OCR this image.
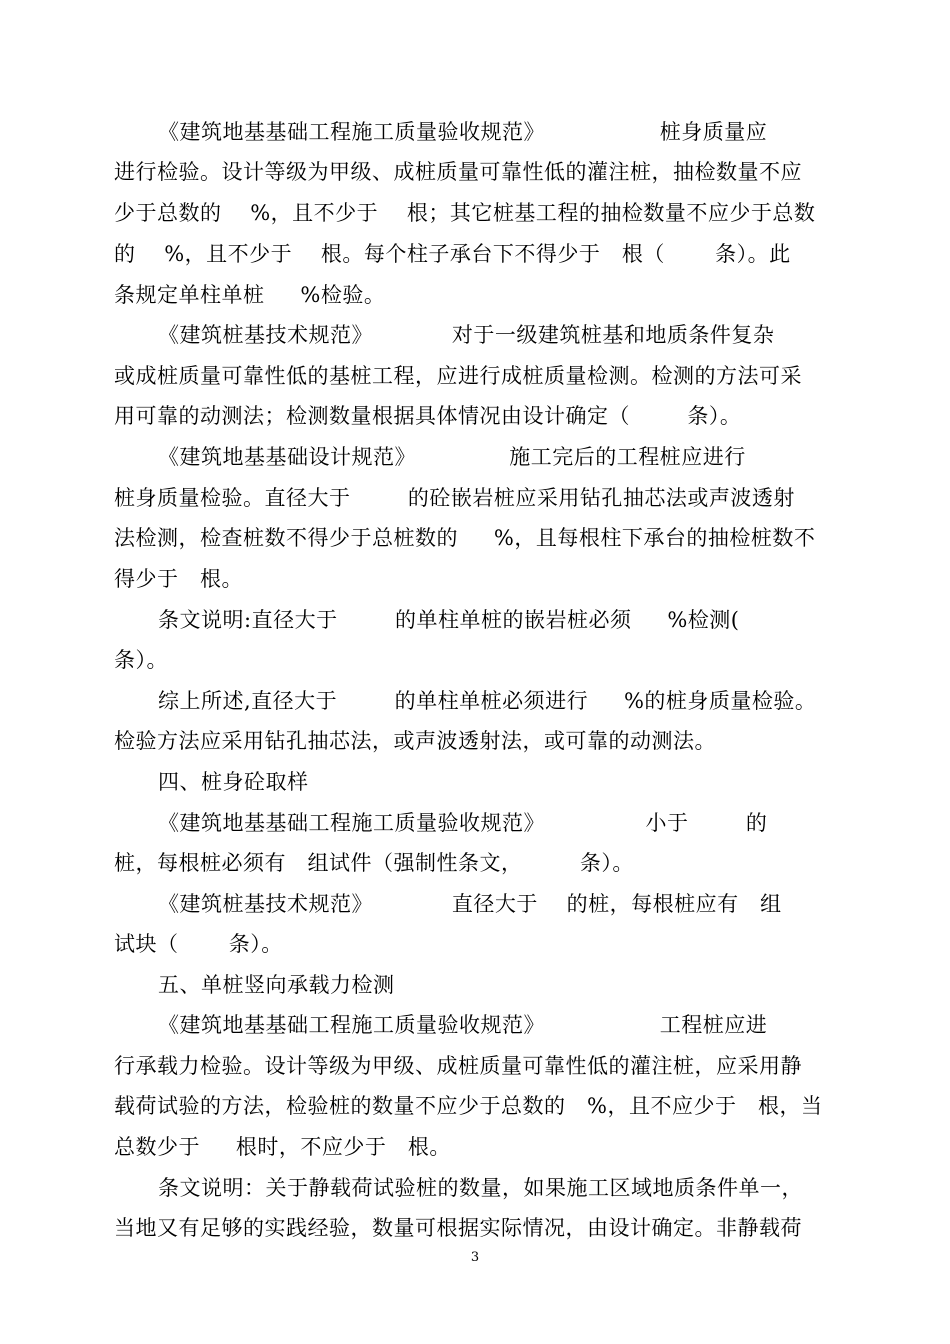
《建筑地基基础工程施工质量验收规范》                桩身质量应
进行检验。设计等级为甲级、成桩质量可靠性低的灌注桩，抽检数量不应
少于总数的    %，且不少于    根；其它桩基工程的抽检数量不应少于总数
的    %，且不少于    根。每个柱子承台下不得少于   根（       条）。此
条规定单柱单桩     %检验。
《建筑桩基技术规范》           对于一级建筑桩基和地质条件复杂
或成桩质量可靠性低的基桩工程，应进行成桩质量检测。检测的方法可采
用可靠的动测法；检测数量根据具体情况由设计确定（        条）。
《建筑地基基础设计规范》             施工完后的工程桩应进行
桩身质量检验。直径大于        的砼嵌岩桩应采用钻孔抽芯法或声波透射
法检测，检查桩数不得少于总桩数的     %，且每根柱下承台的抽检桩数不
得少于   根。
条文说明:直径大于        的单柱单桩的嵌岩桩必须     %检测(
条）。
综上所述,直径大于        的单柱单桩必须进行     %的桩身质量检验。
检验方法应采用钻孔抽芯法，或声波透射法，或可靠的动测法。
四、桩身砼取样
《建筑地基基础工程施工质量验收规范》              小于        的
桩，每根桩必须有   组试件（强制性条文，        条）。
《建筑桩基技术规范》           直径大于    的桩，每根桩应有   组
试块（       条）。
五、单桩竖向承载力检测
《建筑地基基础工程施工质量验收规范》                工程桩应进
行承载力检验。设计等级为甲级、成桩质量可靠性低的灌注桩，应采用静
载荷试验的方法，检验桩的数量不应少于总数的   %，且不应少于   根，当
总数少于     根时，不应少于   根。
条文说明：关于静载荷试验桩的数量，如果施工区域地质条件单一，
当地又有足够的实践经验，数量可根据实际情况，由设计确定。非静载荷
3
